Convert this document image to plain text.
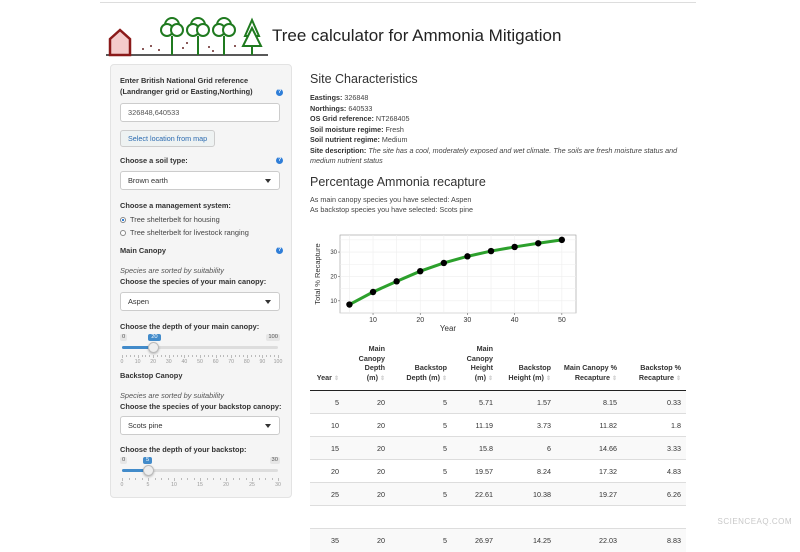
Tree calculator for Ammonia Mitigation
Enter British National Grid reference (Landranger grid or Easting,Northing)	?
326848,640533
Select location from map
Choose a soil type:	?
Brown earth
Choose a management system:
Tree shelterbelt for housing
Tree shelterbelt for livestock ranging
Main Canopy	?
Species are sorted by suitability
Choose the species of your main canopy:
Aspen
Choose the depth of your main canopy:
0	100
20
0 10 20 30 40 50 60 70 80 90 100
Backstop Canopy
Species are sorted by suitability
Choose the species of your backstop canopy:
Scots pine
Choose the depth of your backstop:
0	30
5
0	5	10	15	20	25	30
Site Characteristics
Eastings: 326848
Northings: 640533
OS Grid reference: NT268405
Soil moisture regime: Fresh
Soil nutrient regime: Medium
Site description: The site has a cool, moderately exposed and wet climate. The soils are fresh moisture status and medium nutrient status
Percentage Ammonia recapture
As main canopy species you have selected: Aspen
As backstop species you have selected: Scots pine
10	20	30	40	50
10
20
30
Year
Total % Recapture
Year ⇕	Main Canopy Depth (m) ⇕	Backstop Depth (m) ⇕	Main Canopy Height (m) ⇕	Backstop Height (m) ⇕	Main Canopy % Recapture ⇕	Backstop % Recapture ⇕
5	20	5	5.71	1.57	8.15	0.33
10	20	5	11.19	3.73	11.82	1.8
15	20	5	15.8	6	14.66	3.33
20	20	5	19.57	8.24	17.32	4.83
25	20	5	22.61	10.38	19.27	6.26

35	20	5	26.97	14.25	22.03	8.83
SCIENCEAQ.COM
